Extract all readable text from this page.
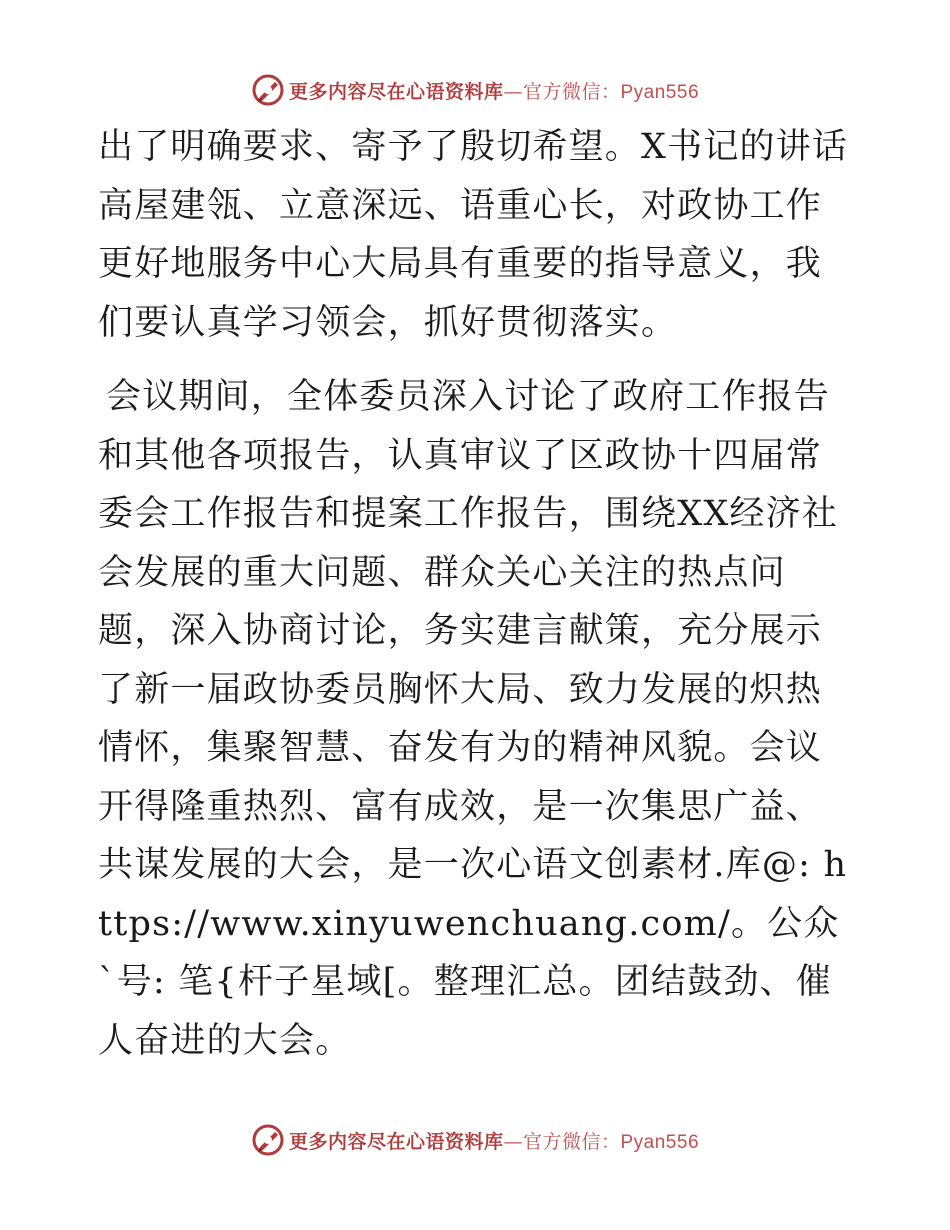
更多内容尽在心语资料库—官方微信：Pyan556

出了明确要求、寄予了殷切希望。X书记的讲话高屋建瓴、立意深远、语重心长，对政协工作更好地服务中心大局具有重要的指导意义，我们要认真学习领会，抓好贯彻落实。

会议期间，全体委员深入讨论了政府工作报告和其他各项报告，认真审议了区政协十四届常委会工作报告和提案工作报告，围绕XX经济社会发展的重大问题、群众关心关注的热点问题，深入协商讨论，务实建言献策，充分展示了新一届政协委员胸怀大局、致力发展的炽热情怀，集聚智慧、奋发有为的精神风貌。会议开得隆重热烈、富有成效，是一次集思广益、共谋发展的大会，是一次心语文创素材.库@: https://www.xinyuwenchuang.com/。公众`号: 笔{杆子星域[。整理汇总。团结鼓劲、催人奋进的大会。

更多内容尽在心语资料库—官方微信：Pyan556
